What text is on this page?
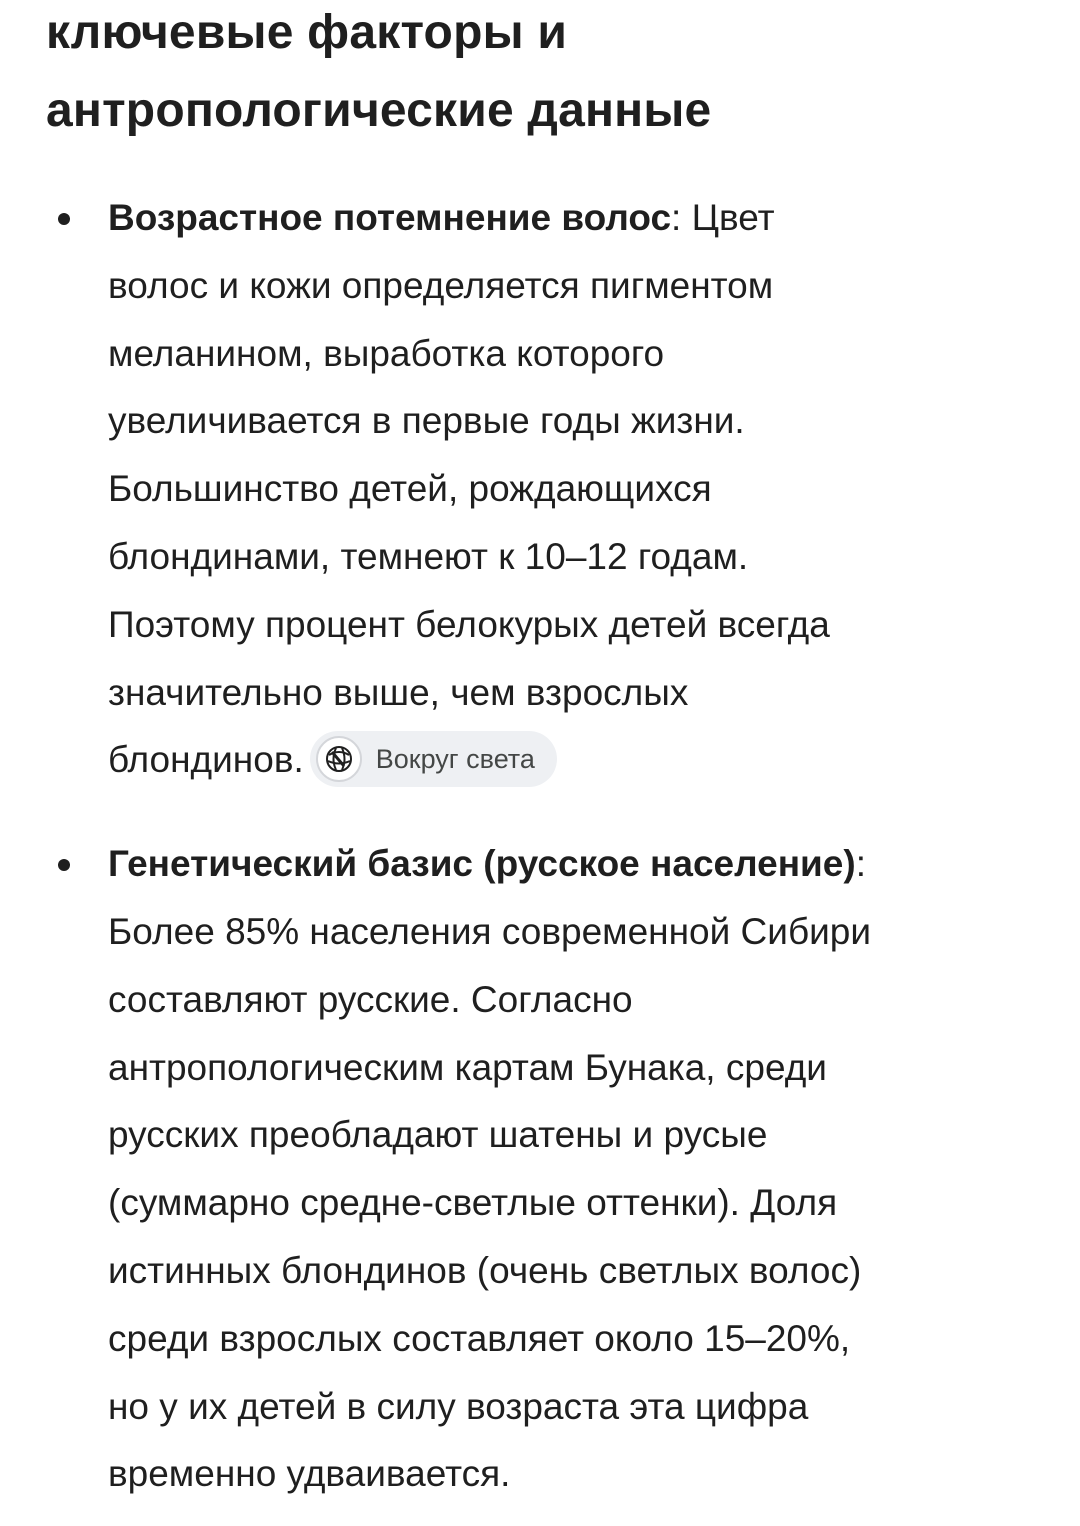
ключевые факторы и
антропологические данные
Возрастное потемнение волос: Цвет
волос и кожи определяется пигментом
меланином, выработка которого
увеличивается в первые годы жизни.
Большинство детей, рождающихся
блондинами, темнеют к 10–12 годам.
Поэтому процент белокурых детей всегда
значительно выше, чем взрослых
блондинов.	Вокруг света
Генетический базис (русское население):
Более 85% населения современной Сибири
составляют русские. Согласно
антропологическим картам Бунака, среди
русских преобладают шатены и русые
(суммарно средне-светлые оттенки). Доля
истинных блондинов (очень светлых волос)
среди взрослых составляет около 15–20%,
но у их детей в силу возраста эта цифра
временно удваивается.
